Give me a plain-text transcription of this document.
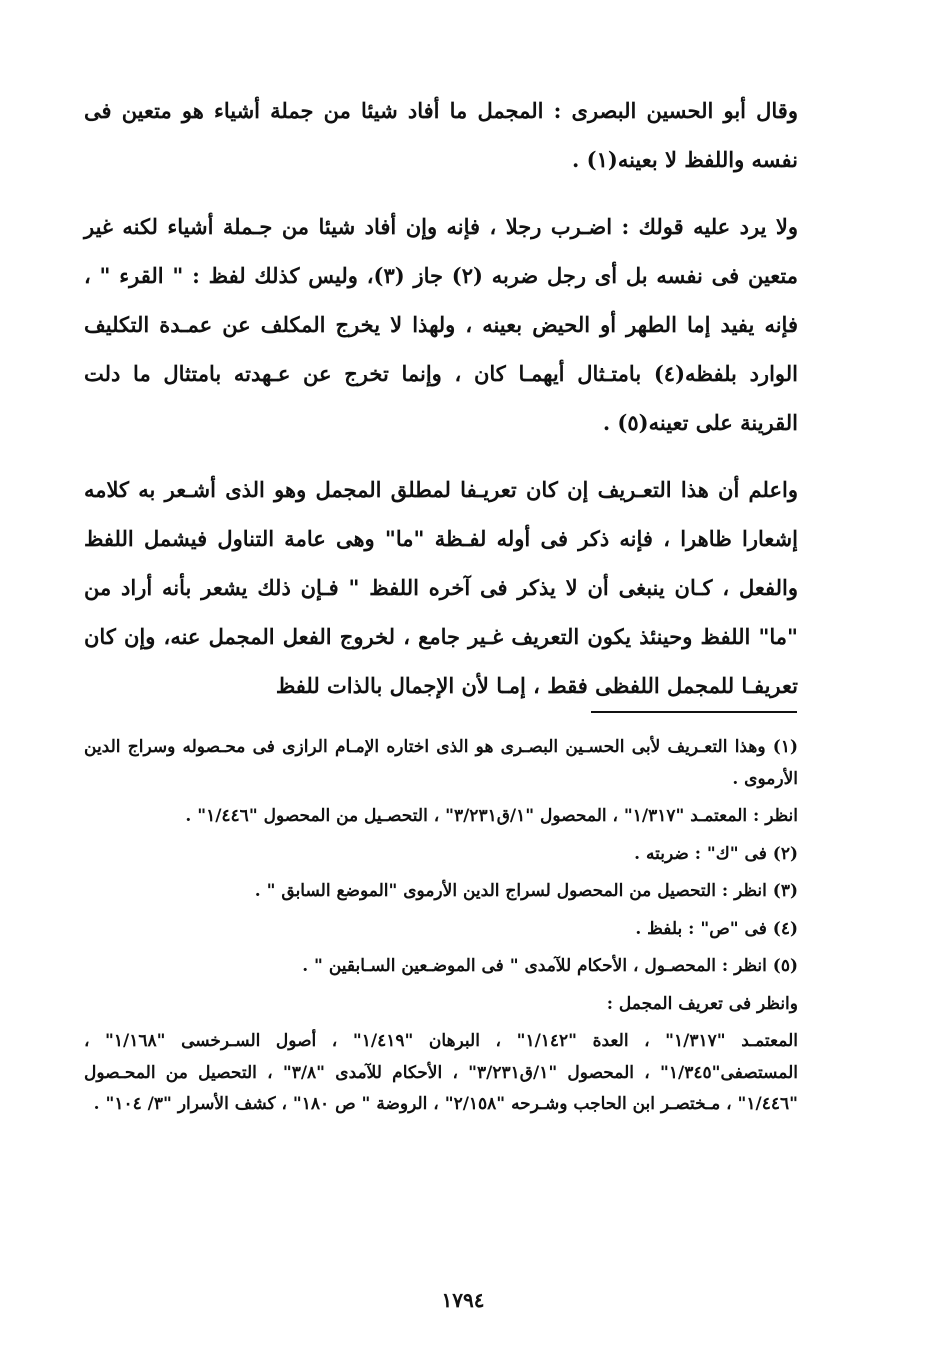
وقال أبو الحسين البصرى : المجمل ما أفاد شيئا من جملة أشياء هو متعين فى نفسه واللفظ لا بعينه(١) .

ولا يرد عليه قولك : اضـرب رجلا ، فإنه وإن أفاد شيئا من جـملة أشياء لكنه غير متعين فى نفسه بل أى رجل ضربه (٢) جاز (٣)، وليس كذلك لفظ : " القرء " ، فإنه يفيد إما الطهر أو الحيض بعينه ، ولهذا لا يخرج المكلف عن عمـدة التكليف الوارد بلفظه(٤) بامتـثال أيهمـا كان ، وإنما تخرج عن عـهدته بامتثال ما دلت القرينة على تعينه(٥) .

واعلم أن هذا التعـريف إن كان تعريـفا لمطلق المجمل وهو الذى أشـعر به كلامه إشعارا ظاهرا ، فإنه ذكر فى أوله لفـظة "ما" وهى عامة التناول فيشمل اللفظ والفعل ، كـان ينبغى أن لا يذكر فى آخره اللفظ " فـإن ذلك يشعر بأنه أراد من "ما" اللفظ وحينئذ يكون التعريف غـير جامع ، لخروج الفعل المجمل عنه، وإن كان تعريفـا للمجمل اللفظى فقط ، إمـا لأن الإجمال بالذات للفظ

(١) وهذا التعـريف لأبى الحسـين البصـرى هو الذى اختاره الإمـام الرازى فى محـصوله وسراج الدين الأرموى .

انظر : المعتمـد "١/٣١٧" ، المحصول "١/ق٣/٢٣١" ، التحصـيل من المحصول "١/٤٤٦" .

(٢) فى "ك" : ضربته .

(٣) انظر : التحصيل من المحصول لسراج الدين الأرموى "الموضع السابق " .

(٤) فى "ص" : بلفظ .

(٥) انظر : المحصـول ، الأحكام للآمدى " فى الموضـعين السـابقين " .

وانظر فى تعريف المجمل :

المعتمـد "١/٣١٧" ، العدة "١/١٤٢" ، البرهان "١/٤١٩" ، أصول السـرخسى "١/١٦٨" ، المستصفى"١/٣٤٥" ، المحصول "١/ق٣/٢٣١" ، الأحكام للآمدى "٣/٨" ، التحصيل من المحـصول "١/٤٤٦" ، مـختصـر ابن الحاجب وشـرحه "٢/١٥٨" ، الروضة " ص ١٨٠" ، كشف الأسرار "٣/ ١٠٤" .

١٧٩٤
